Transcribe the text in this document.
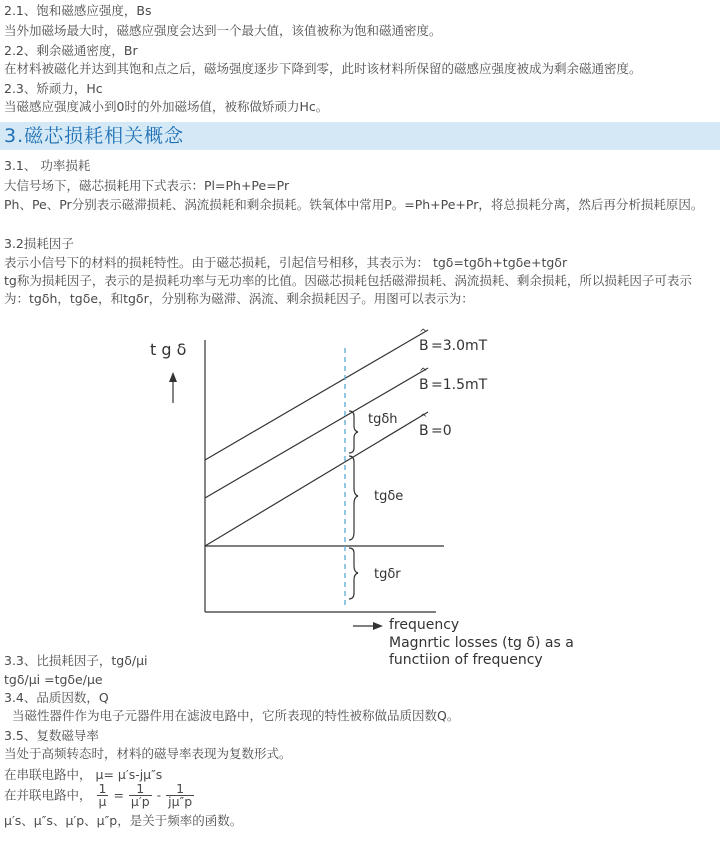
2.1、饱和磁感应强度，Bs
当外加磁场最大时，磁感应强度会达到一个最大值，该值被称为饱和磁通密度。
2.2、剩余磁通密度，Br
在材料被磁化并达到其饱和点之后，磁场强度逐步下降到零，此时该材料所保留的磁感应强度被成为剩余磁通密度。
2.3、矫顽力，Hc
当磁感应强度减小到0时的外加磁场值，被称做矫顽力Hc。
3.磁芯损耗相关概念
3.1、 功率损耗
大信号场下，磁芯损耗用下式表示：Pl=Ph+Pe=Pr
Ph、Pe、Pr分别表示磁滞损耗、涡流损耗和剩余损耗。铁氧体中常用P。=Ph+Pe+Pr，将总损耗分离，然后再分析损耗原因。
3.2损耗因子
表示小信号下的材料的损耗特性。由于磁芯损耗，引起信号相移，其表示为： tgδ=tgδh+tgδe+tgδr
tg称为损耗因子，表示的是损耗功率与无功率的比值。因磁芯损耗包括磁滞损耗、涡流损耗、剩余损耗，所以损耗因子可表示为：tgδh，tgδe，和tgδr，分别称为磁滞、涡流、剩余损耗因子。用图可以表示为：
t g δ	B
^
=3.0mT
B
^
=1.5mT
B
^
=0
tgδh
tgδe
tgδr
frequency
Magnrtic losses (tg δ) as a
functiion of frequency
3.3、比损耗因子，tgδ/μi
tgδ/μi =tgδe/μe
3.4、品质因数，Q
当磁性器件作为电子元器件用在滤波电路中，它所表现的特性被称做品质因数Q。
3.5、复数磁导率
当处于高频转态时，材料的磁导率表现为复数形式。
在串联电路中， μ= μ′s-jμ″s
在并联电路中， $\frac{1}{\mu} = \frac{1}{\mu'p} - \frac{1}{j\mu''p}$
μ′s、μ″s、μ′p、μ″p，是关于频率的函数。
